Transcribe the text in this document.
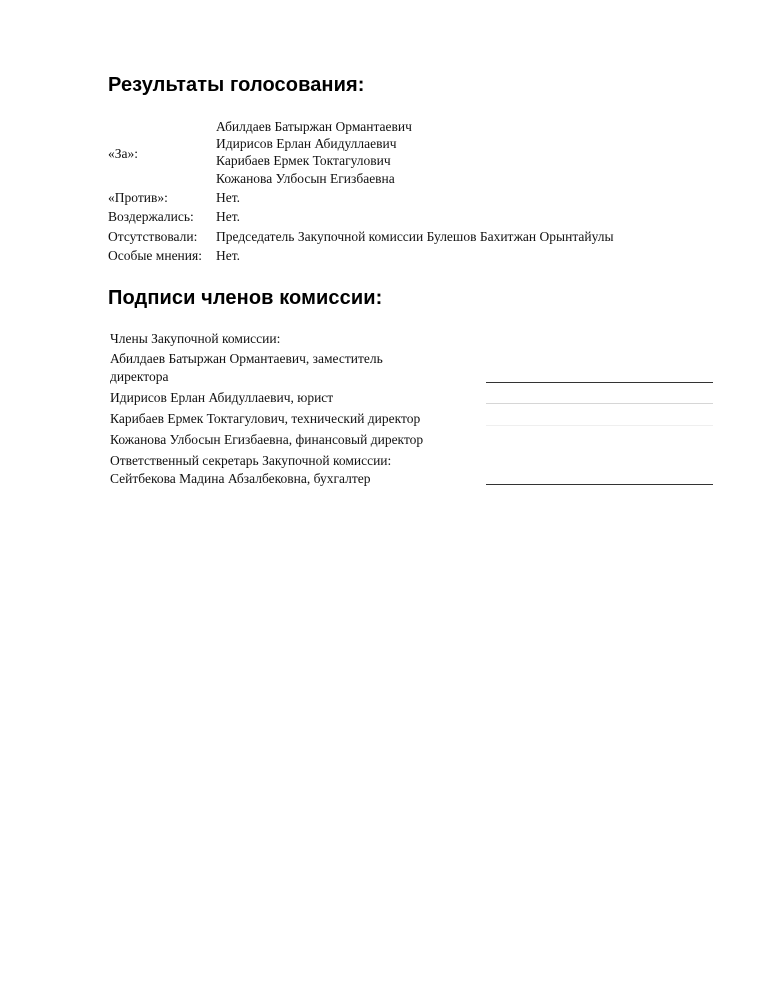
Результаты голосования:
«За»:
Абилдаев Батыржан Ормантаевич
Идирисов Ерлан Абидуллаевич
Карибаев Ермек Токтагулович
Кожанова Улбосын Егизбаевна
«Против»:	Нет.
Воздержались: Нет.
Отсутствовали: Председатель Закупочной комиссии Булешов Бахитжан Орынтайулы
Особые мнения: Нет.
Подписи членов комиссии:
Члены Закупочной комиссии:
Абилдаев Батыржан Ормантаевич, заместитель
директора
Идирисов Ерлан Абидуллаевич, юрист
Карибаев Ермек Токтагулович, технический директор
Кожанова Улбосын Егизбаевна, финансовый директор
Ответственный секретарь Закупочной комиссии:
Сейтбекова Мадина Абзалбековна, бухгалтер
